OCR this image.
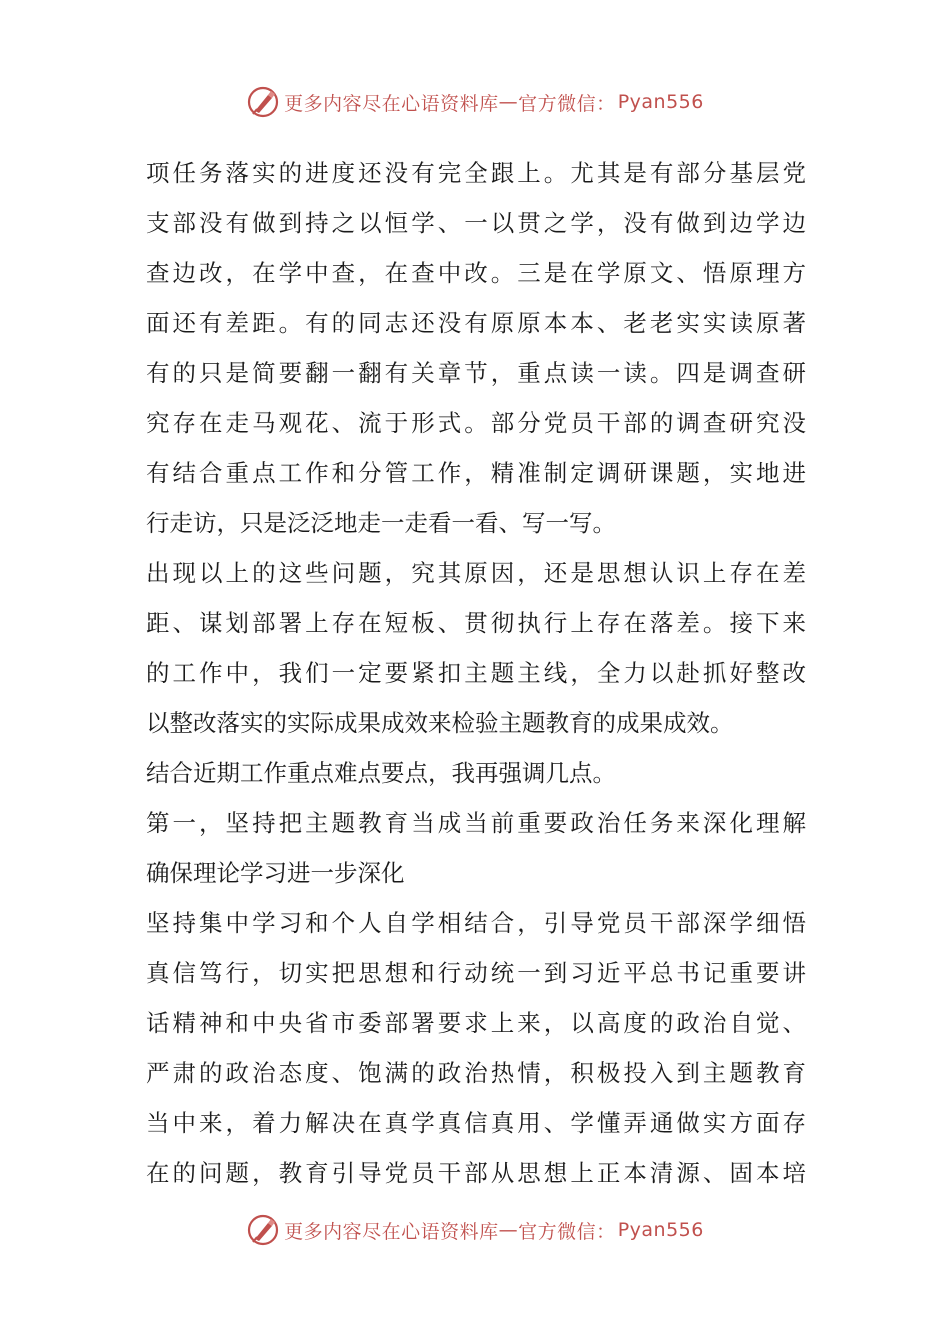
更多内容尽在心语资料库 — 官方微信： Pyan556
项任务落实的进度还没有完全跟上。尤其是有部分基层党
支部没有做到持之以恒学、一以贯之学，没有做到边学边
查边改，在学中查，在查中改。三是在学原文、悟原理方
面还有差距。有的同志还没有原原本本、老老实实读原著
有的只是简要翻一翻有关章节，重点读一读。四是调查研
究存在走马观花、流于形式。部分党员干部的调查研究没
有结合重点工作和分管工作，精准制定调研课题，实地进
行走访，只是泛泛地走一走看一看、写一写。
出现以上的这些问题，究其原因，还是思想认识上存在差
距、谋划部署上存在短板、贯彻执行上存在落差。接下来
的工作中，我们一定要紧扣主题主线，全力以赴抓好整改
以整改落实的实际成果成效来检验主题教育的成果成效。
结合近期工作重点难点要点，我再强调几点。
第一，坚持把主题教育当成当前重要政治任务来深化理解
确保理论学习进一步深化
坚持集中学习和个人自学相结合，引导党员干部深学细悟
真信笃行，切实把思想和行动统一到习近平总书记重要讲
话精神和中央省市委部署要求上来，以高度的政治自觉、
严肃的政治态度、饱满的政治热情，积极投入到主题教育
当中来，着力解决在真学真信真用、学懂弄通做实方面存
在的问题，教育引导党员干部从思想上正本清源、固本培
更多内容尽在心语资料库 — 官方微信： Pyan556
